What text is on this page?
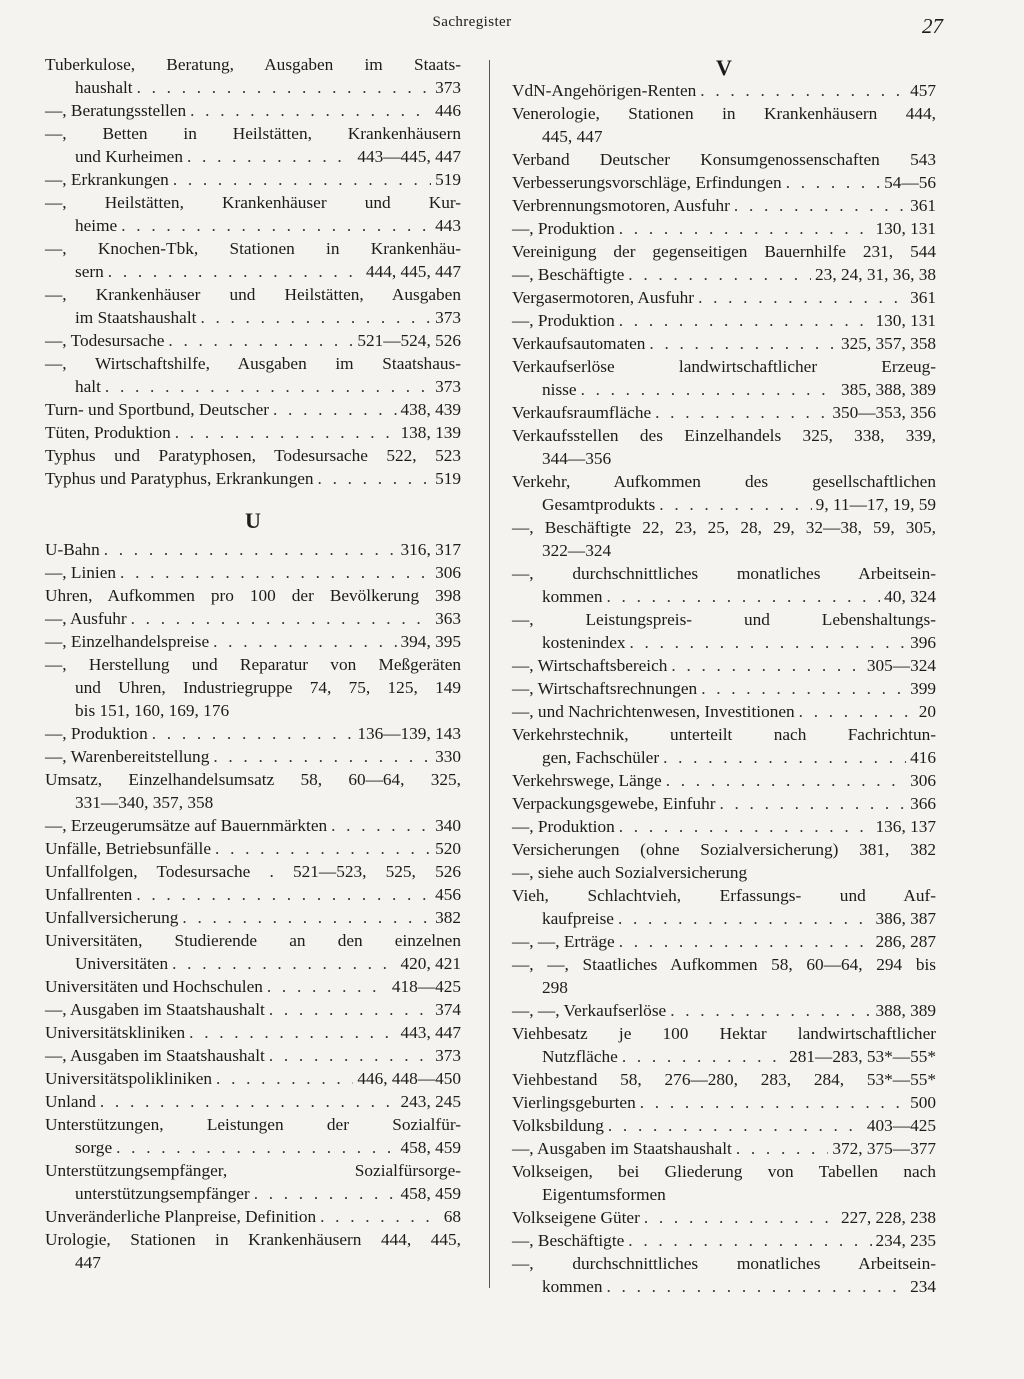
Sachregister	27
Tuberkulose, Beratung, Ausgaben im Staats-
haushalt . . .	373
—, Beratungsstellen . . .	446
—, Betten in Heilstätten, Krankenhäusern
und Kurheimen . . .	443—445, 447
—, Erkrankungen . . .	519
—, Heilstätten, Krankenhäuser und Kur-
heime . . .	443
—, Knochen-Tbk, Stationen in Krankenhäu-
sern . . .	444, 445, 447
—, Krankenhäuser und Heilstätten, Ausgaben
im Staatshaushalt . . .	373
—, Todesursache . . .	521—524, 526
—, Wirtschaftshilfe, Ausgaben im Staatshaus-
halt . . .	373
Turn- und Sportbund, Deutscher . . .	438, 439
Tüten, Produktion . . .	138, 139
Typhus und Paratyphosen, Todesursache 522, 523
Typhus und Paratyphus, Erkrankungen . . .	519
U
U-Bahn . . .	316, 317
—, Linien . . .	306
Uhren, Aufkommen pro 100 der Bevölkerung 398
—, Ausfuhr . . .	363
—, Einzelhandelspreise . . .	394, 395
—, Herstellung und Reparatur von Meßgeräten
und Uhren, Industriegruppe 74, 75, 125, 149
bis 151, 160, 169, 176
—, Produktion . . .	136—139, 143
—, Warenbereitstellung . . .	330
Umsatz, Einzelhandelsumsatz 58, 60—64, 325,
331—340, 357, 358
—, Erzeugerumsätze auf Bauernmärkten . . .	340
Unfälle, Betriebsunfälle . . .	520
Unfallfolgen, Todesursache . 521—523, 525, 526
Unfallrenten . . .	456
Unfallversicherung . . .	382
Universitäten, Studierende an den einzelnen
Universitäten . . .	420, 421
Universitäten und Hochschulen . . .	418—425
—, Ausgaben im Staatshaushalt . . .	374
Universitätskliniken . . .	443, 447
—, Ausgaben im Staatshaushalt . . .	373
Universitätspolikliniken . . .	446, 448—450
Unland . . .	243, 245
Unterstützungen, Leistungen der Sozialfür-
sorge . . .	458, 459
Unterstützungsempfänger, Sozialfürsorge-
unterstützungsempfänger . . .	458, 459
Unveränderliche Planpreise, Definition . . .	68
Urologie, Stationen in Krankenhäusern 444, 445,
447
V
VdN-Angehörigen-Renten . . .	457
Venerologie, Stationen in Krankenhäusern 444,
445, 447
Verband Deutscher Konsumgenossenschaften 543
Verbesserungsvorschläge, Erfindungen . . .	54—56
Verbrennungsmotoren, Ausfuhr . . .	361
—, Produktion . . .	130, 131
Vereinigung der gegenseitigen Bauernhilfe 231, 544
—, Beschäftigte . . .	23, 24, 31, 36, 38
Vergasermotoren, Ausfuhr . . .	361
—, Produktion . . .	130, 131
Verkaufsautomaten . . .	325, 357, 358
Verkaufserlöse landwirtschaftlicher Erzeug-
nisse . . .	385, 388, 389
Verkaufsraumfläche . . .	350—353, 356
Verkaufsstellen des Einzelhandels 325, 338, 339,
344—356
Verkehr, Aufkommen des gesellschaftlichen
Gesamtprodukts . . .	9, 11—17, 19, 59
—, Beschäftigte 22, 23, 25, 28, 29, 32—38, 59, 305,
322—324
—, durchschnittliches monatliches Arbeitsein-
kommen . . .	40, 324
—, Leistungspreis- und Lebenshaltungs-
kostenindex . . .	396
—, Wirtschaftsbereich . . .	305—324
—, Wirtschaftsrechnungen . . .	399
—, und Nachrichtenwesen, Investitionen . . .	20
Verkehrstechnik, unterteilt nach Fachrichtun-
gen, Fachschüler . . .	416
Verkehrswege, Länge . . .	306
Verpackungsgewebe, Einfuhr . . .	366
—, Produktion . . .	136, 137
Versicherungen (ohne Sozialversicherung) 381, 382
—, siehe auch Sozialversicherung
Vieh, Schlachtvieh, Erfassungs- und Auf-
kaufpreise . . .	386, 387
—, —, Erträge . . .	286, 287
—, —, Staatliches Aufkommen 58, 60—64, 294 bis
298
—, —, Verkaufserlöse . . .	388, 389
Viehbesatz je 100 Hektar landwirtschaftlicher
Nutzfläche . . .	281—283, 53*—55*
Viehbestand 58, 276—280, 283, 284, 53*—55*
Vierlingsgeburten . . .	500
Volksbildung . . .	403—425
—, Ausgaben im Staatshaushalt . . .	372, 375—377
Volkseigen, bei Gliederung von Tabellen nach
Eigentumsformen
Volkseigene Güter . . .	227, 228, 238
—, Beschäftigte . . .	234, 235
—, durchschnittliches monatliches Arbeitsein-
kommen . . .	234
